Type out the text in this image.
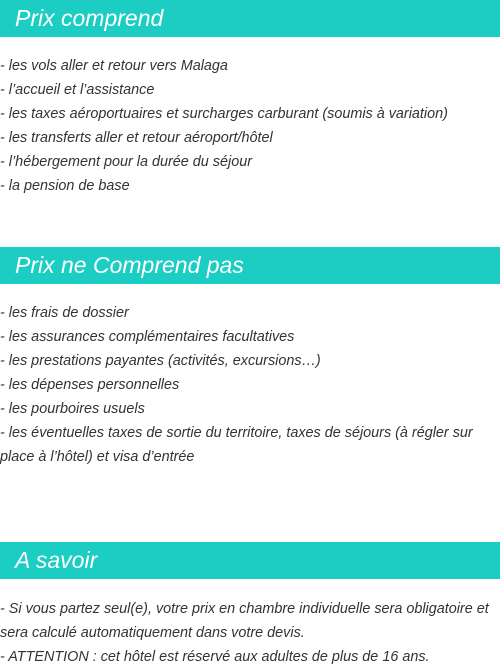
Prix comprend
- les vols aller et retour vers Malaga
- l’accueil et l’assistance
- les taxes aéroportuaires et surcharges carburant (soumis à variation)
- les transferts aller et retour aéroport/hôtel
- l’hébergement pour la durée du séjour
- la pension de base
Prix ne Comprend pas
- les frais de dossier
- les assurances complémentaires facultatives
- les prestations payantes (activités, excursions…)
- les dépenses personnelles
- les pourboires usuels
- les éventuelles taxes de sortie du territoire, taxes de séjours (à régler sur place à l’hôtel) et visa d’entrée
A savoir
- Si vous partez seul(e), votre prix en chambre individuelle sera obligatoire et sera calculé automatiquement dans votre devis.
- ATTENTION : cet hôtel est réservé aux adultes de plus de 16 ans.
